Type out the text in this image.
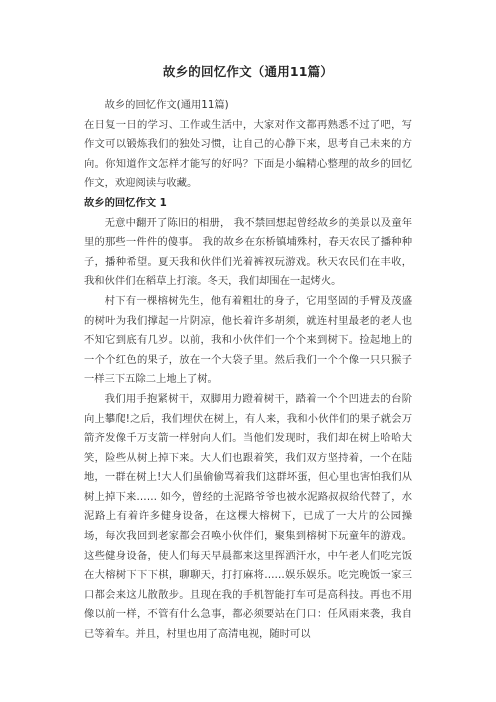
故乡的回忆作文（通用11篇）

故乡的回忆作文(通用11篇)

在日复一日的学习、工作或生活中，大家对作文都再熟悉不过了吧，写作文可以锻炼我们的独处习惯，让自己的心静下来，思考自己未来的方向。你知道作文怎样才能写的好吗？下面是小编精心整理的故乡的回忆作文，欢迎阅读与收藏。

故乡的回忆作文 1

无意中翻开了陈旧的相册， 我不禁回想起曾经故乡的美景以及童年里的那些一件件的傻事。 我的故乡在东桥镇埔殊村，春天农民了播种种子，播种希望。夏天我和伙伴们光着裤衩玩游戏。秋天农民们在丰收，我和伙伴们在稻草上打滚。冬天，我们却围在一起烤火。

村下有一棵榕树先生，他有着粗壮的身子，它用坚固的手臂及茂盛的树叶为我们撑起一片阴凉，他长着许多胡须，就连村里最老的老人也不知它到底有几岁。以前，我和小伙伴们一个个来到树下。捡起地上的一个个红色的果子，放在一个大袋子里。然后我们一个个像一只只猴子一样三下五除二上地上了树。

我们用手抱紧树干，双脚用力蹬着树干，踏着一个个凹进去的台阶向上攀爬!之后，我们埋伏在树上，有人来，我和小伙伴们的果子就会万箭齐发像千万支箭一样射向人们。当他们发现时，我们却在树上哈哈大笑，险些从树上掉下来。大人们也跟着笑，我们双方坚持着，一个在陆地，一群在树上!大人们虽偷偷骂着我们这群坏蛋，但心里也害怕我们从树上掉下来…… 如今，曾经的土泥路爷爷也被水泥路叔叔给代替了，水泥路上有着许多健身设备，在这棵大榕树下，已成了一大片的公园操场，每次我回到老家都会召唤小伙伴们，聚集到榕树下玩童年的游戏。这些健身设备，使人们每天早晨都来这里挥洒汗水，中午老人们吃完饭在大榕树下下下棋，聊聊天，打打麻将……娱乐娱乐。吃完晚饭一家三口都会来这儿散散步。且现在我的手机智能打车可是高科技。再也不用像以前一样，不管有什么急事，都必须要站在门口：任风雨来袭，我自已等着车。并且，村里也用了高清电视，随时可以
